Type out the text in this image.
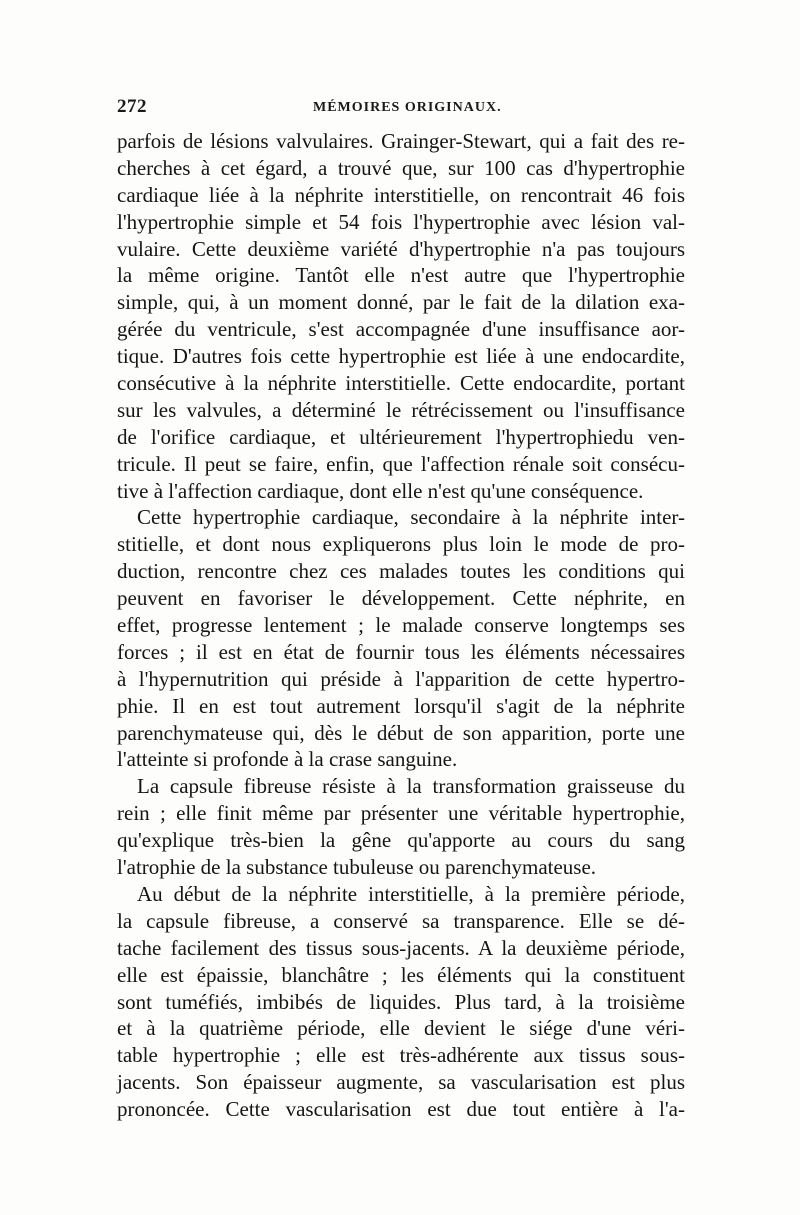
272	MÉMOIRES ORIGINAUX.
parfois de lésions valvulaires. Grainger-Stewart, qui a fait des re-
cherches à cet égard, a trouvé que, sur 100 cas d'hypertrophie
cardiaque liée à la néphrite interstitielle, on rencontrait 46 fois
l'hypertrophie simple et 54 fois l'hypertrophie avec lésion val-
vulaire. Cette deuxième variété d'hypertrophie n'a pas toujours
la même origine. Tantôt elle n'est autre que l'hypertrophie
simple, qui, à un moment donné, par le fait de la dilation exa-
gérée du ventricule, s'est accompagnée d'une insuffisance aor-
tique. D'autres fois cette hypertrophie est liée à une endocardite,
consécutive à la néphrite interstitielle. Cette endocardite, portant
sur les valvules, a déterminé le rétrécissement ou l'insuffisance
de l'orifice cardiaque, et ultérieurement l'hypertrophiedu ven-
tricule. Il peut se faire, enfin, que l'affection rénale soit consécu-
tive à l'affection cardiaque, dont elle n'est qu'une conséquence.
Cette hypertrophie cardiaque, secondaire à la néphrite inter-
stitielle, et dont nous expliquerons plus loin le mode de pro-
duction, rencontre chez ces malades toutes les conditions qui
peuvent en favoriser le développement. Cette néphrite, en
effet, progresse lentement ; le malade conserve longtemps ses
forces ; il est en état de fournir tous les éléments nécessaires
à l'hypernutrition qui préside à l'apparition de cette hypertro-
phie. Il en est tout autrement lorsqu'il s'agit de la néphrite
parenchymateuse qui, dès le début de son apparition, porte une
l'atteinte si profonde à la crase sanguine.
La capsule fibreuse résiste à la transformation graisseuse du
rein ; elle finit même par présenter une véritable hypertrophie,
qu'explique très-bien la gêne qu'apporte au cours du sang
l'atrophie de la substance tubuleuse ou parenchymateuse.
Au début de la néphrite interstitielle, à la première période,
la capsule fibreuse, a conservé sa transparence. Elle se dé-
tache facilement des tissus sous-jacents. A la deuxième période,
elle est épaissie, blanchâtre ; les éléments qui la constituent
sont tuméfiés, imbibés de liquides. Plus tard, à la troisième
et à la quatrième période, elle devient le siége d'une véri-
table hypertrophie ; elle est très-adhérente aux tissus sous-
jacents. Son épaisseur augmente, sa vascularisation est plus
prononcée. Cette vascularisation est due tout entière à l'a-
